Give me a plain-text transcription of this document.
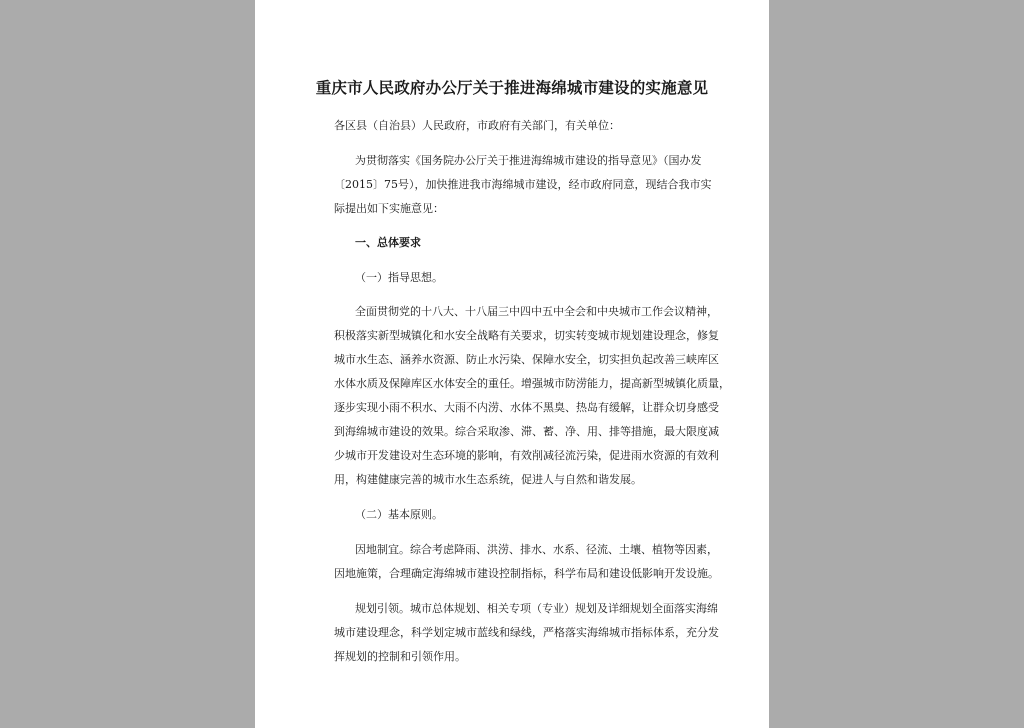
重庆市人民政府办公厅关于推进海绵城市建设的实施意见
各区县（自治县）人民政府，市政府有关部门，有关单位：
为贯彻落实《国务院办公厅关于推进海绵城市建设的指导意见》（国办发
〔2015〕75号），加快推进我市海绵城市建设，经市政府同意，现结合我市实
际提出如下实施意见：
一、总体要求
（一）指导思想。
全面贯彻党的十八大、十八届三中四中五中全会和中央城市工作会议精神，
积极落实新型城镇化和水安全战略有关要求，切实转变城市规划建设理念，修复
城市水生态、涵养水资源、防止水污染、保障水安全，切实担负起改善三峡库区
水体水质及保障库区水体安全的重任。增强城市防涝能力，提高新型城镇化质量，
逐步实现小雨不积水、大雨不内涝、水体不黑臭、热岛有缓解，让群众切身感受
到海绵城市建设的效果。综合采取渗、滞、蓄、净、用、排等措施，最大限度减
少城市开发建设对生态环境的影响，有效削减径流污染，促进雨水资源的有效利
用，构建健康完善的城市水生态系统，促进人与自然和谐发展。
（二）基本原则。
因地制宜。综合考虑降雨、洪涝、排水、水系、径流、土壤、植物等因素，
因地施策，合理确定海绵城市建设控制指标，科学布局和建设低影响开发设施。
规划引领。城市总体规划、相关专项（专业）规划及详细规划全面落实海绵
城市建设理念，科学划定城市蓝线和绿线，严格落实海绵城市指标体系，充分发
挥规划的控制和引领作用。
